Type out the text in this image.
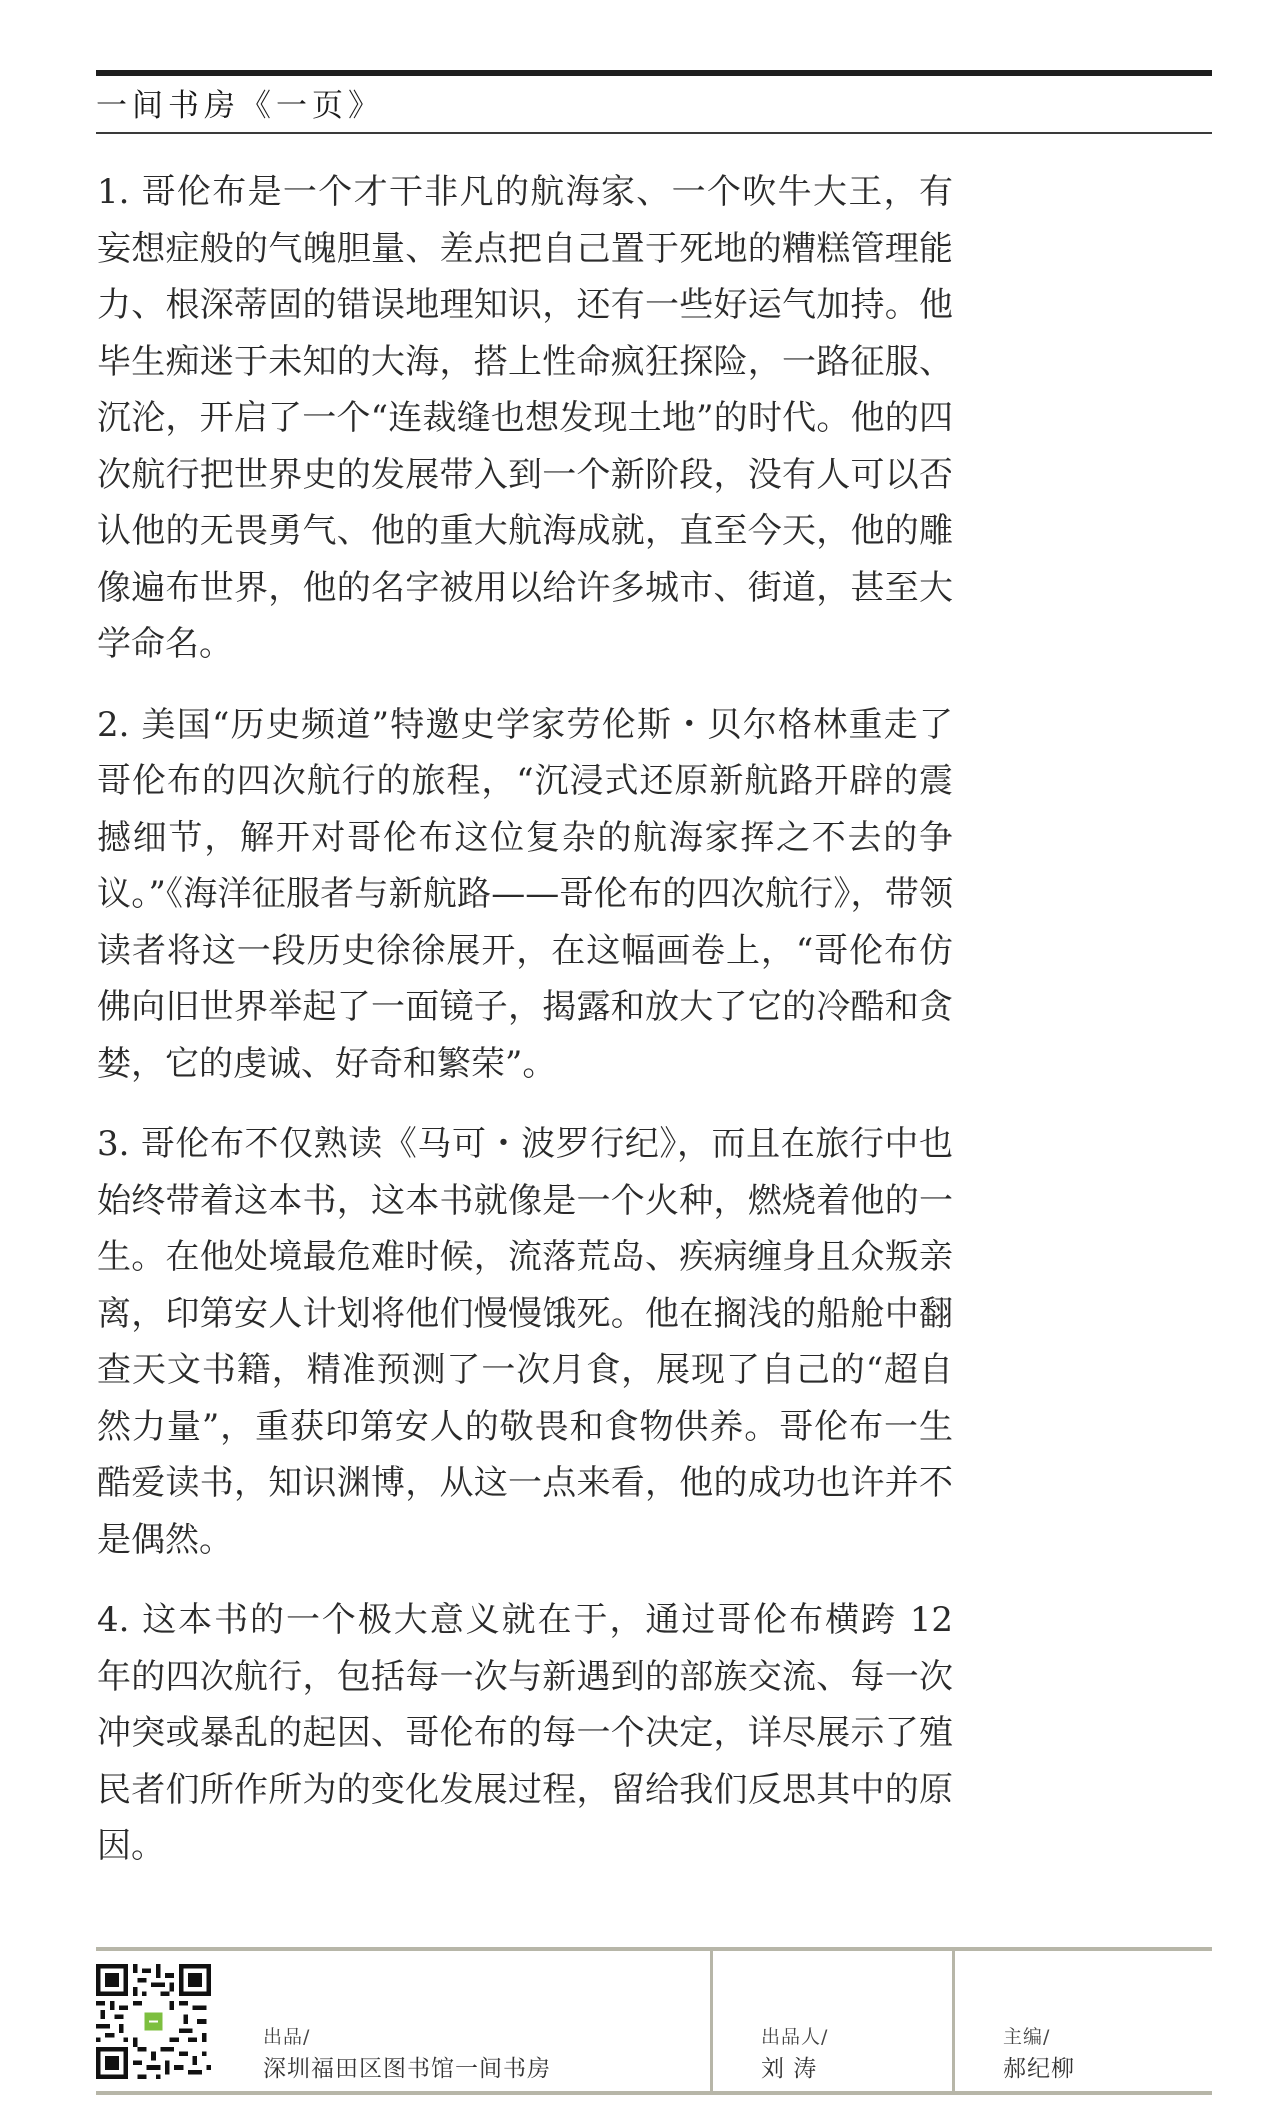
一间书房《一页》

1. 哥伦布是一个才干非凡的航海家、一个吹牛大王，有妄想症般的气魄胆量、差点把自己置于死地的糟糕管理能力、根深蒂固的错误地理知识，还有一些好运气加持。他毕生痴迷于未知的大海，搭上性命疯狂探险，一路征服、沉沦，开启了一个“连裁缝也想发现土地”的时代。他的四次航行把世界史的发展带入到一个新阶段，没有人可以否认他的无畏勇气、他的重大航海成就，直至今天，他的雕像遍布世界，他的名字被用以给许多城市、街道，甚至大学命名。

2. 美国“历史频道”特邀史学家劳伦斯・贝尔格林重走了哥伦布的四次航行的旅程，“沉浸式还原新航路开辟的震撼细节，解开对哥伦布这位复杂的航海家挥之不去的争议。”《海洋征服者与新航路——哥伦布的四次航行》，带领读者将这一段历史徐徐展开，在这幅画卷上，“哥伦布仿佛向旧世界举起了一面镜子，揭露和放大了它的冷酷和贪婪，它的虔诚、好奇和繁荣”。

3. 哥伦布不仅熟读《马可・波罗行纪》，而且在旅行中也始终带着这本书，这本书就像是一个火种，燃烧着他的一生。在他处境最危难时候，流落荒岛、疾病缠身且众叛亲离，印第安人计划将他们慢慢饿死。他在搁浅的船舱中翻查天文书籍，精准预测了一次月食，展现了自己的“超自然力量”，重获印第安人的敬畏和食物供养。哥伦布一生酷爱读书，知识渊博，从这一点来看，他的成功也许并不是偶然。

4. 这本书的一个极大意义就在于，通过哥伦布横跨 12 年的四次航行，包括每一次与新遇到的部族交流、每一次冲突或暴乱的起因、哥伦布的每一个决定，详尽展示了殖民者们所作所为的变化发展过程，留给我们反思其中的原因。

出品/
深圳福田区图书馆一间书房
出品人/
刘 涛
主编/
郝纪柳
